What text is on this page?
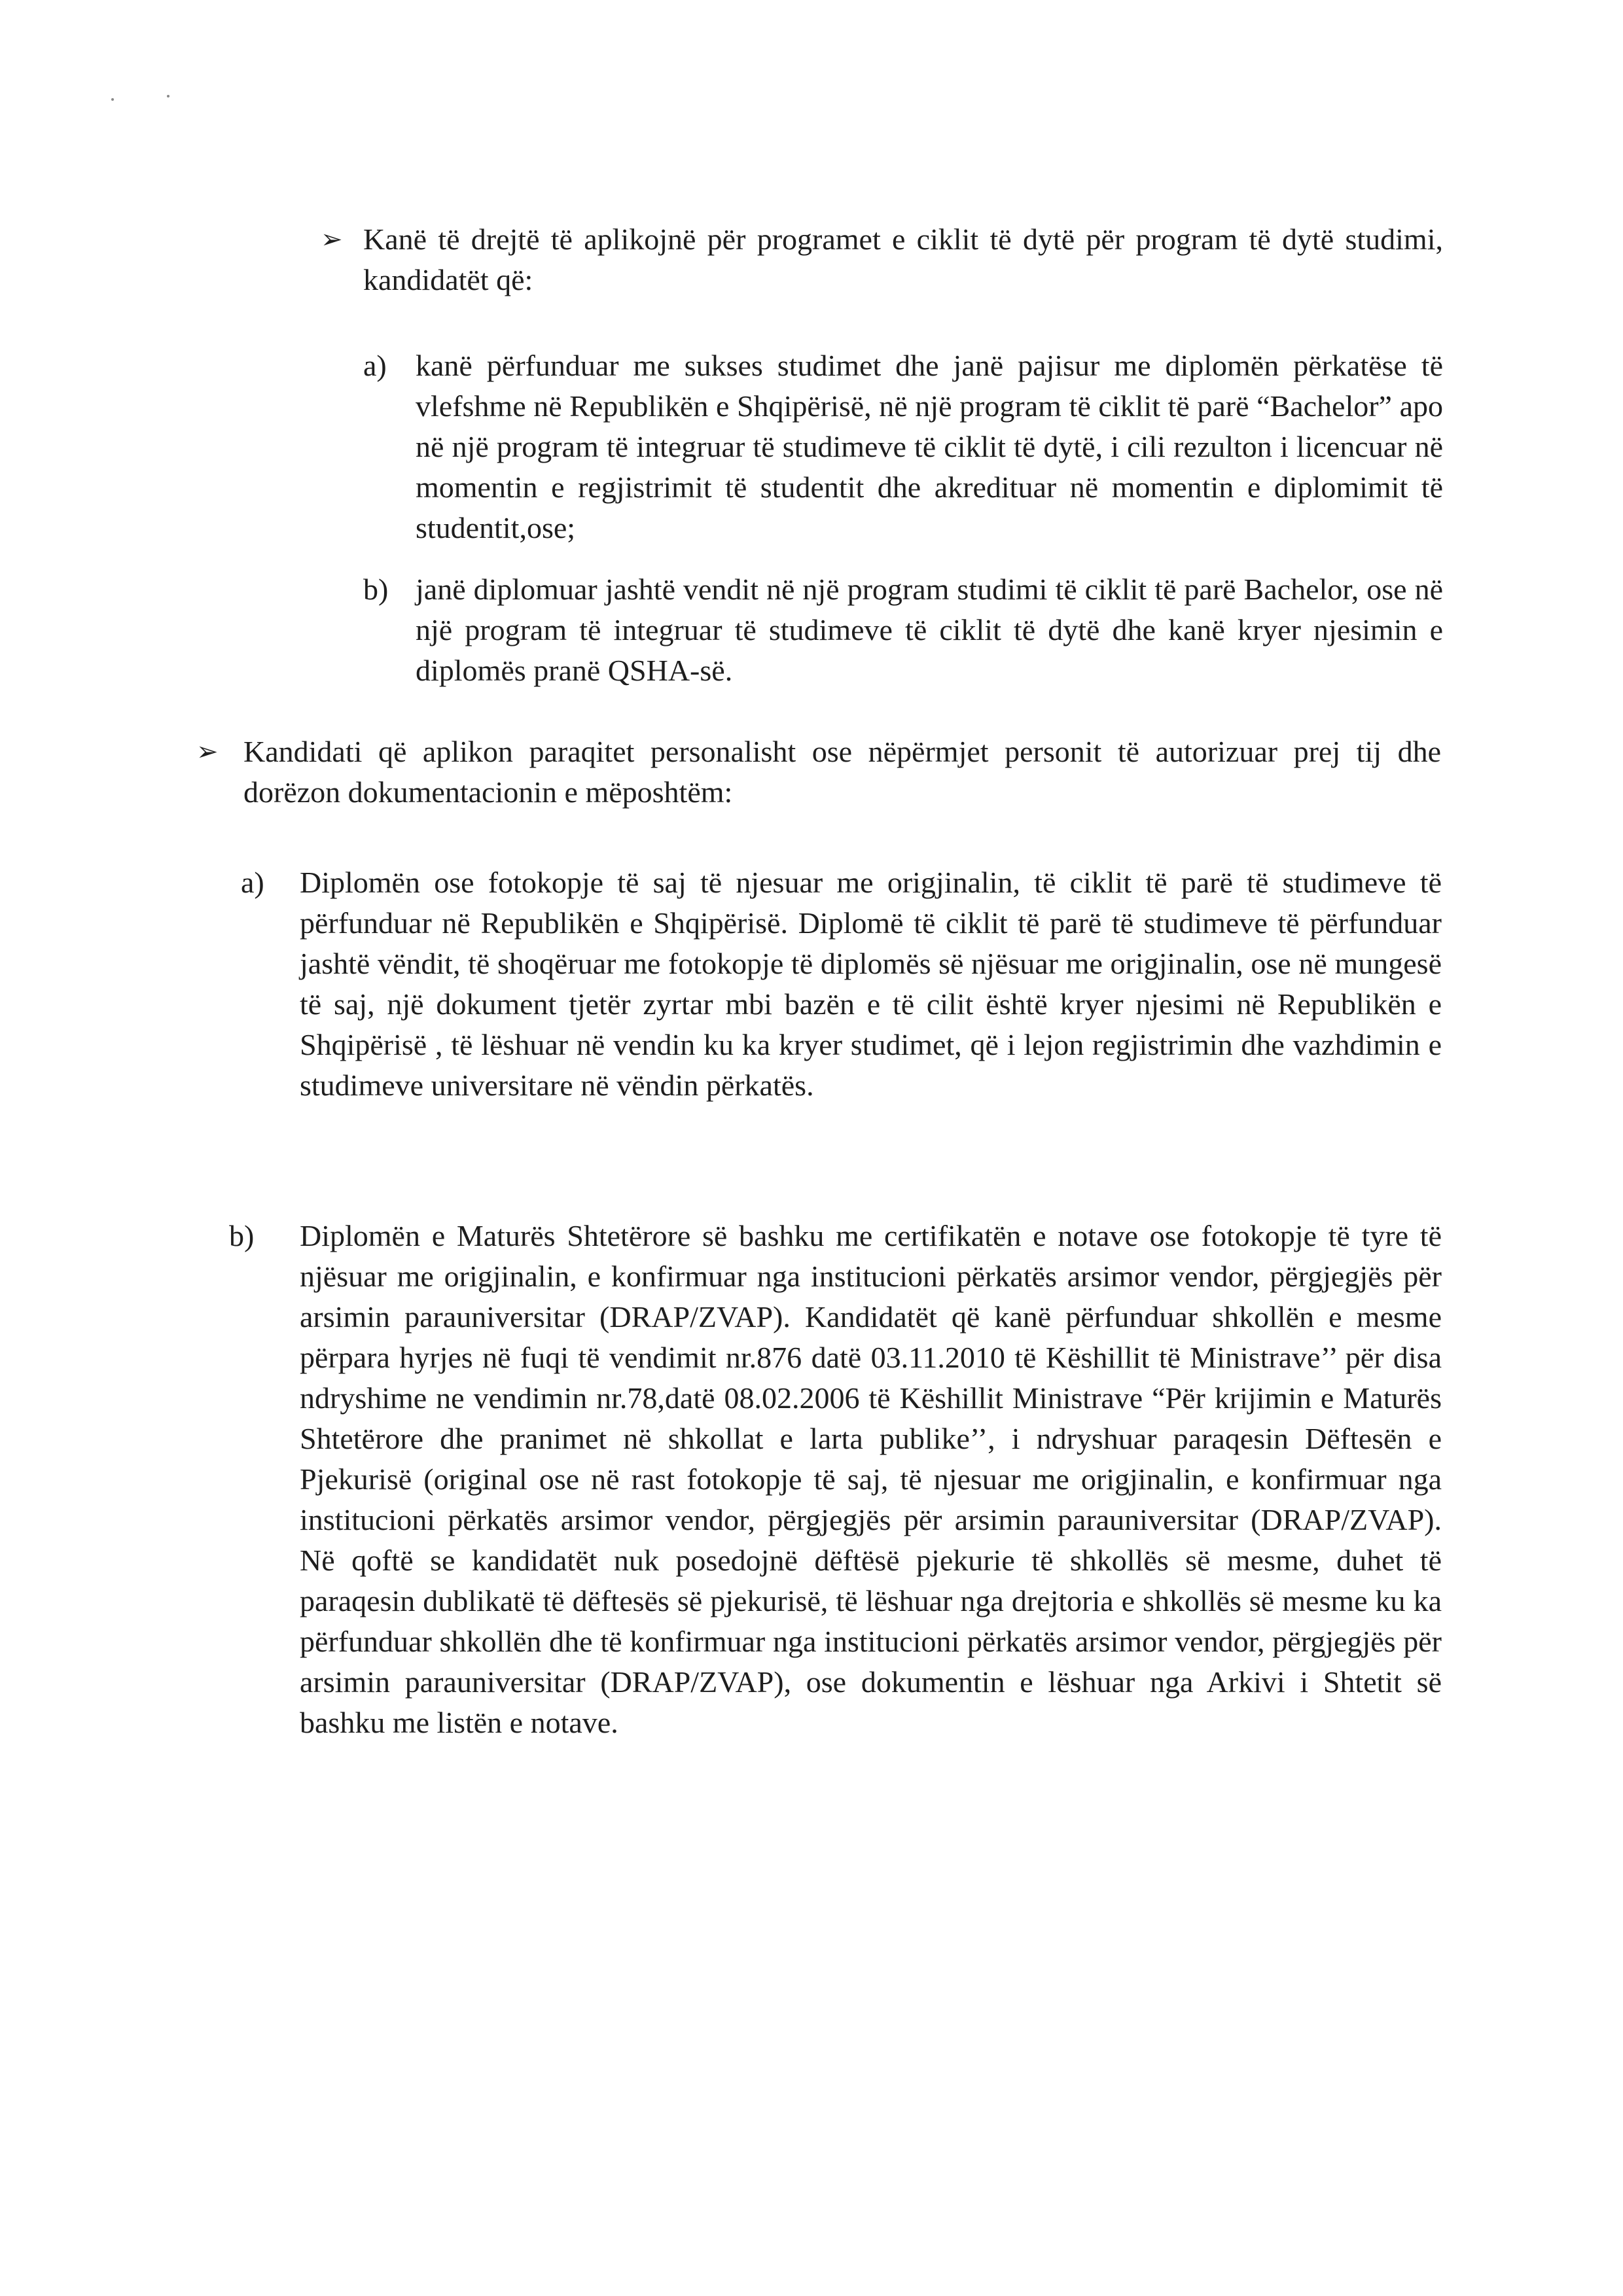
➢ Kanë të drejtë të aplikojnë për programet e ciklit të dytë për program të dytë studimi, kandidatët që:
a) kanë përfunduar me sukses studimet dhe janë pajisur me diplomën përkatëse të vlefshme në Republikën e Shqipërisë, në një program të ciklit të parë “Bachelor” apo në një program të integruar të studimeve të ciklit të dytë, i cili rezulton i licencuar në momentin e regjistrimit të studentit dhe akredituar në momentin e diplomimit të studentit,ose;
b) janë diplomuar jashtë vendit në një program studimi të ciklit të parë Bachelor, ose në një program të integruar të studimeve të ciklit të dytë dhe kanë kryer njesimin e diplomës pranë QSHA-së.
➢ Kandidati që aplikon paraqitet personalisht ose nëpërmjet personit të autorizuar prej tij dhe dorëzon dokumentacionin e mëposhtëm:
a) Diplomën ose fotokopje të saj të njesuar me origjinalin, të ciklit të parë të studimeve të përfunduar në Republikën e Shqipërisë. Diplomë të ciklit të parë të studimeve të përfunduar jashtë vëndit, të shoqëruar me fotokopje të diplomës së njësuar me origjinalin, ose në mungesë të saj, një dokument tjetër zyrtar mbi bazën e të cilit është kryer njesimi në Republikën e Shqipërisë , të lëshuar në vendin ku ka kryer studimet, që i lejon regjistrimin dhe vazhdimin e studimeve universitare në vëndin përkatës.
b) Diplomën e Maturës Shtetërore së bashku me certifikatën e notave ose fotokopje të tyre të njësuar me origjinalin, e konfirmuar nga institucioni përkatës arsimor vendor, përgjegjës për arsimin parauniversitar (DRAP/ZVAP). Kandidatët që kanë përfunduar shkollën e mesme përpara hyrjes në fuqi të vendimit nr.876 datë 03.11.2010 të Këshillit të Ministrave’’ për disa ndryshime ne vendimin nr.78,datë 08.02.2006 të Këshillit Ministrave “Për krijimin e Maturës Shtetërore dhe pranimet në shkollat e larta publike’’, i ndryshuar paraqesin Dëftesën e Pjekurisë (original ose në rast fotokopje të saj, të njesuar me origjinalin, e konfirmuar nga institucioni përkatës arsimor vendor, përgjegjës për arsimin parauniversitar (DRAP/ZVAP). Në qoftë se kandidatët nuk posedojnë dëftësë pjekurie të shkollës së mesme, duhet të paraqesin dublikatë të dëftesës së pjekurisë, të lëshuar nga drejtoria e shkollës së mesme ku ka përfunduar shkollën dhe të konfirmuar nga institucioni përkatës arsimor vendor, përgjegjës për arsimin parauniversitar (DRAP/ZVAP), ose dokumentin e lëshuar nga Arkivi i Shtetit së bashku me listën e notave.
